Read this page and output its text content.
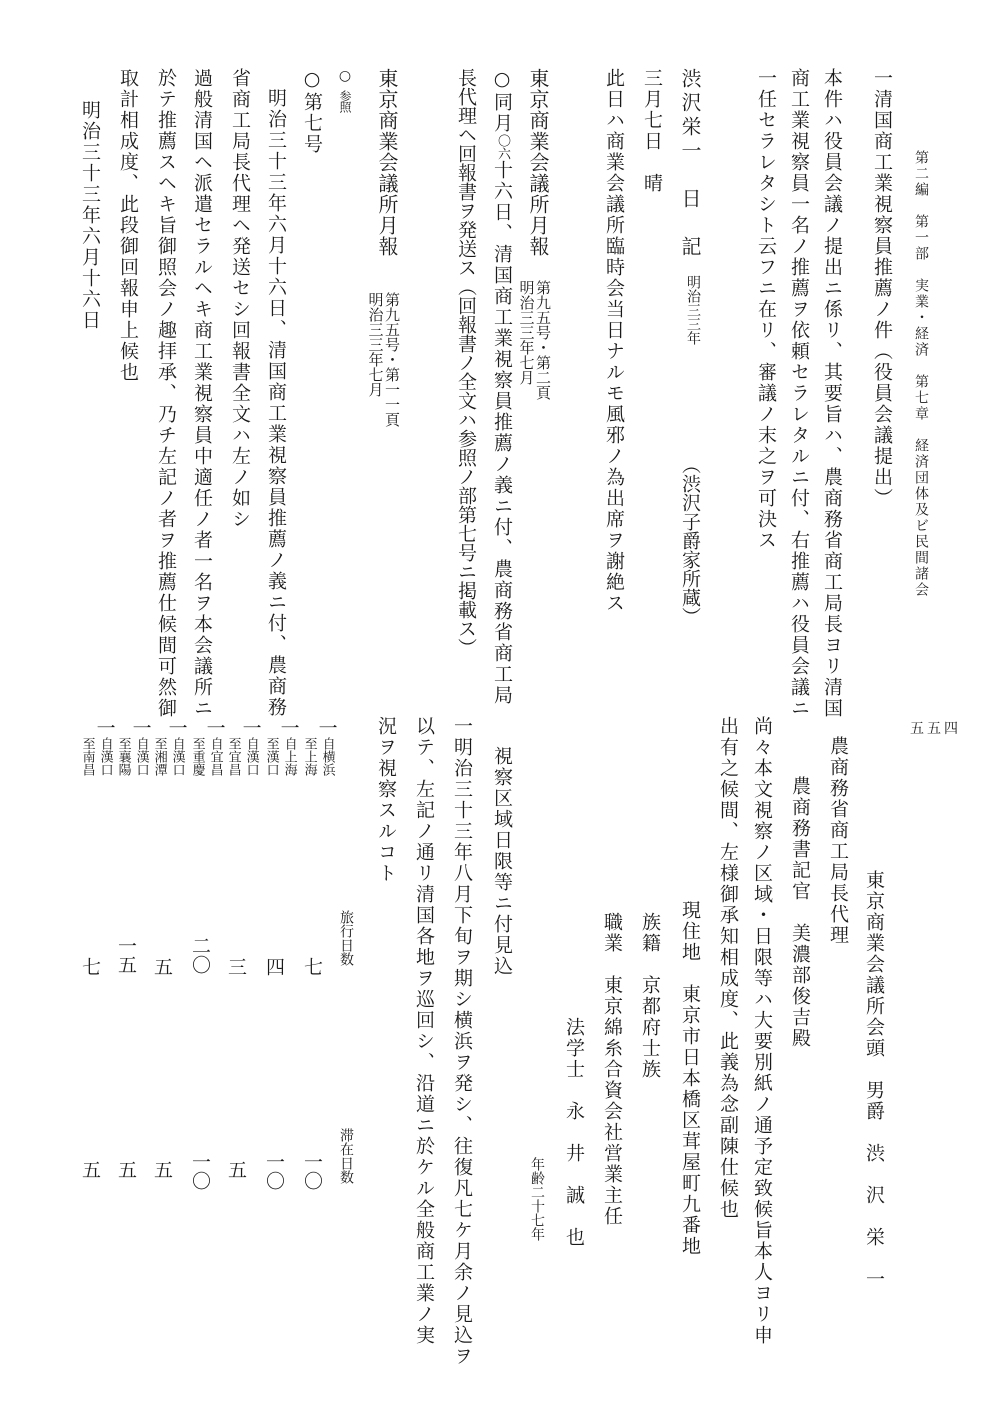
第二編　第一部　実業・経済　第七章　経済団体及ビ民間諸会
五五四
一清国商工業視察員推薦ノ件（役員会議提出）
本件ハ役員会議ノ提出ニ係リ、其要旨ハ、農商務省商工局長ヨリ清国
商工業視察員一名ノ推薦ヲ依頼セラレタルニ付、右推薦ハ役員会議ニ
一任セラレタシト云フニ在リ、審議ノ末之ヲ可決ス
渋沢栄一　日　記
明治三三年
（渋沢子爵家所蔵）
三月七日　晴
此日ハ商業会議所臨時会当日ナルモ風邪ノ為出席ヲ謝絶ス
東京商業会議所月報
第九五号・第二頁
明治三三年七月
○同月〇六十六日、清国商工業視察員推薦ノ義ニ付、農商務省商工局
長代理ヘ回報書ヲ発送ス（回報書ノ全文ハ参照ノ部第七号ニ掲載ス）
東京商業会議所月報
第九五号・第一一頁
明治三三年七月
○参照
○第七号
明治三十三年六月十六日、清国商工業視察員推薦ノ義ニ付、農商務
省商工局長代理ヘ発送セシ回報書全文ハ左ノ如シ
過般清国ヘ派遣セラルヘキ商工業視察員中適任ノ者一名ヲ本会議所ニ
於テ推薦スヘキ旨御照会ノ趣拝承、乃チ左記ノ者ヲ推薦仕候間可然御
取計相成度、此段御回報申上候也
明治三十三年六月十六日
東京商業会議所会頭　男爵　渋　沢　栄　一
農商務省商工局長代理
農商務書記官　美濃部俊吉殿
尚々本文視察ノ区域・日限等ハ大要別紙ノ通予定致候旨本人ヨリ申
出有之候間、左様御承知相成度、此義為念副陳仕候也
現住地　東京市日本橋区茸屋町九番地
族籍　京都府士族
職業　東京綿糸合資会社営業主任
法学士　永　井　誠　也
年齢二十七年
視察区域日限等ニ付見込
一明治三十三年八月下旬ヲ期シ横浜ヲ発シ、往復凡七ケ月余ノ見込ヲ
以テ、左記ノ通リ清国各地ヲ巡回シ、沿道ニ於ケル全般商工業ノ実
況ヲ視察スルコト
旅行日数
滞在日数
一自横浜
至上海
七
一〇
一自上海
至漢口
四
一〇
一自漢口
至宜昌
三
五
一自宜昌
至重慶
二〇
一〇
一自漢口
至湘潭
五
五
一自漢口
至襄陽
一五
五
一自漢口
至南昌
七
五
